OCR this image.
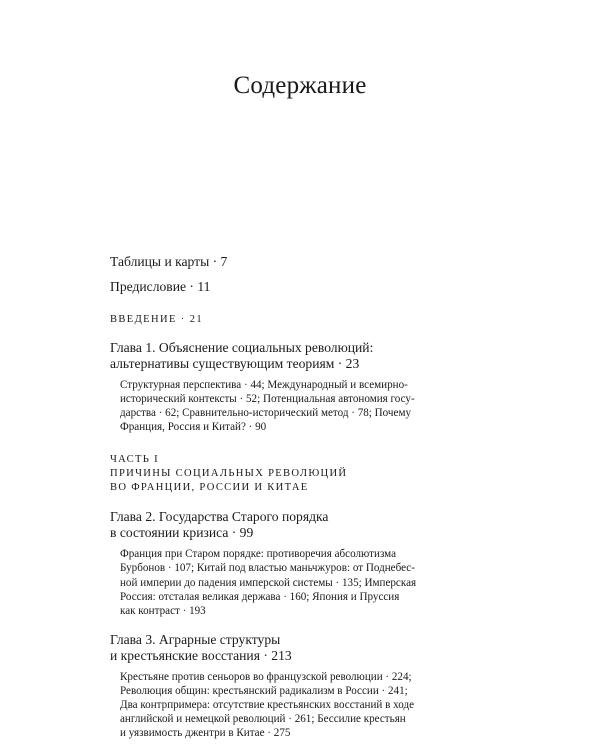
Содержание

Таблицы и карты · 7

Предисловие · 11

ВВЕДЕНИЕ · 21

Глава 1. Объяснение социальных революций:

альтернативы существующим теориям · 23

Структурная перспектива · 44; Международный и всемирно-
исторический контексты · 52; Потенциальная автономия госу-
дарства · 62; Сравнительно-исторический метод · 78; Почему
Франция, Россия и Китай? · 90

ЧАСТЬ I

ПРИЧИНЫ СОЦИАЛЬНЫХ РЕВОЛЮЦИЙ

ВО ФРАНЦИИ, РОССИИ И КИТАЕ

Глава 2. Государства Старого порядка

в состоянии кризиса · 99

Франция при Старом порядке: противоречия абсолютизма
Бурбонов · 107; Китай под властью маньчжуров: от Поднебес-
ной империи до падения имперской системы · 135; Имперская
Россия: отсталая великая держава · 160; Япония и Пруссия
как контраст · 193

Глава 3. Аграрные структуры

и крестьянские восстания · 213

Крестьяне против сеньоров во французской революции · 224;
Революция общин: крестьянский радикализм в России · 241;
Два контрпримера: отсутствие крестьянских восстаний в ходе
английской и немецкой революций · 261; Бессилие крестьян
и уязвимость джентри в Китае · 275
